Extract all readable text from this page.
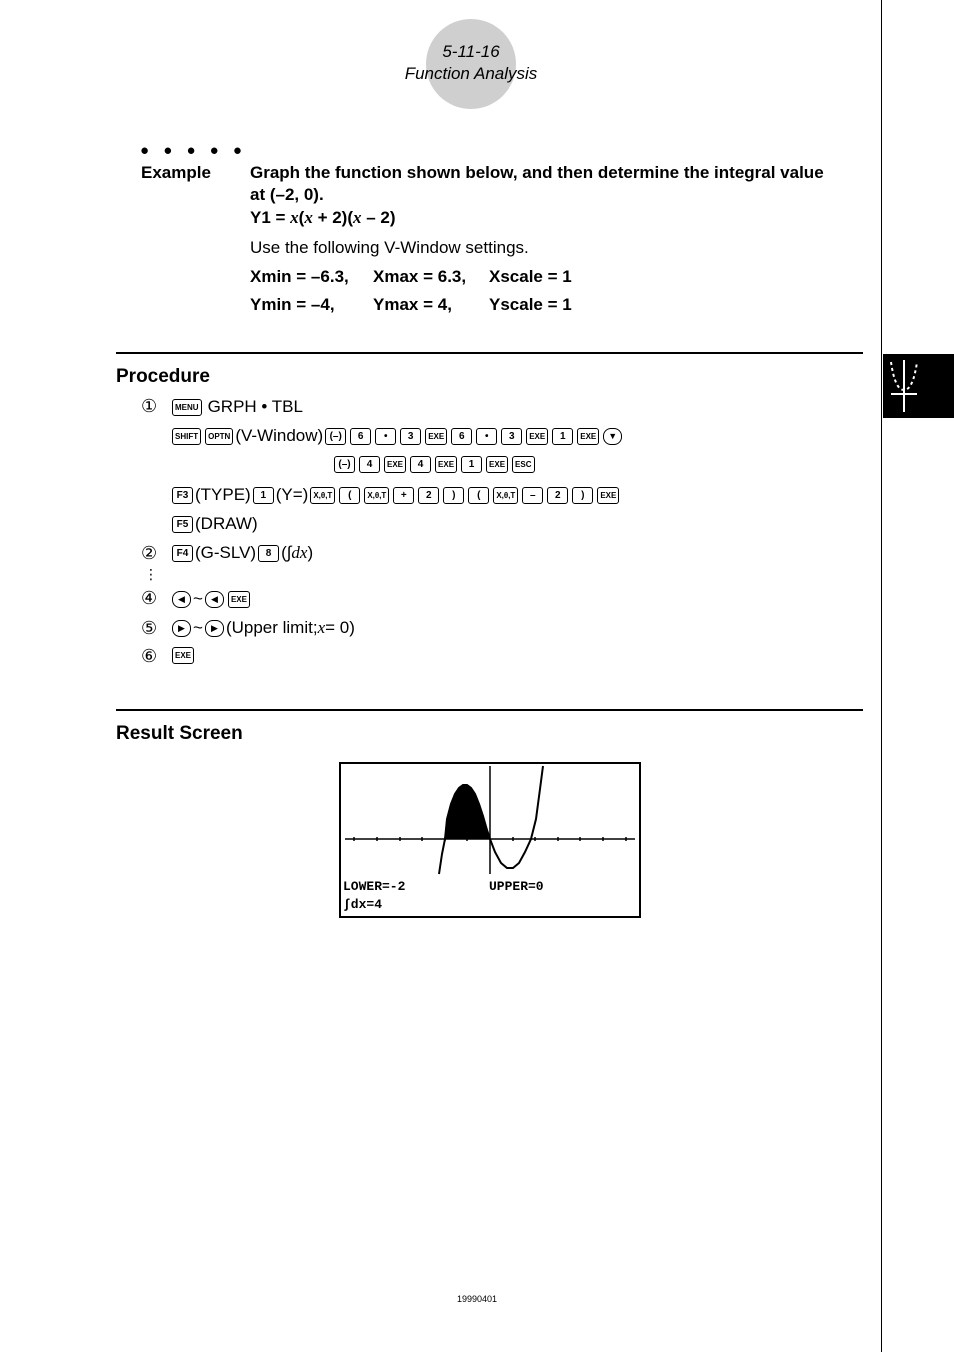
5-11-16
Function Analysis
● ● ● ● ●
Example Graph the function shown below, and then determine the integral value
at (–2, 0).
Y1 = x(x + 2)(x – 2)
Use the following V-Window settings.
Xmin = –6.3, Xmax = 6.3, Xscale = 1
Ymin = –4, Ymax = 4, Yscale = 1
Procedure
①	MENU GRPH • TBL
SHIFT	OPTN (V-Window) (–)	6	•	3	EXE	6	•	3	EXE	1	EXE	▼
(–)	4	EXE	4	EXE	1	EXE	ESC
F3 (TYPE) 1 (Y=) X,θ,T	(	X,θ,T	+	2	)	(	X,θ,T	–	2	)	EXE
F5 (DRAW)
②	F4 (G-SLV) 8 (∫ dx )
⋮
④	◀ ~ ◀	EXE
⑤	▶ ~ ▶ (Upper limit; x = 0)
⑥	EXE
Result Screen
LOWER=-2	UPPER=0
∫dx=4
19990401
